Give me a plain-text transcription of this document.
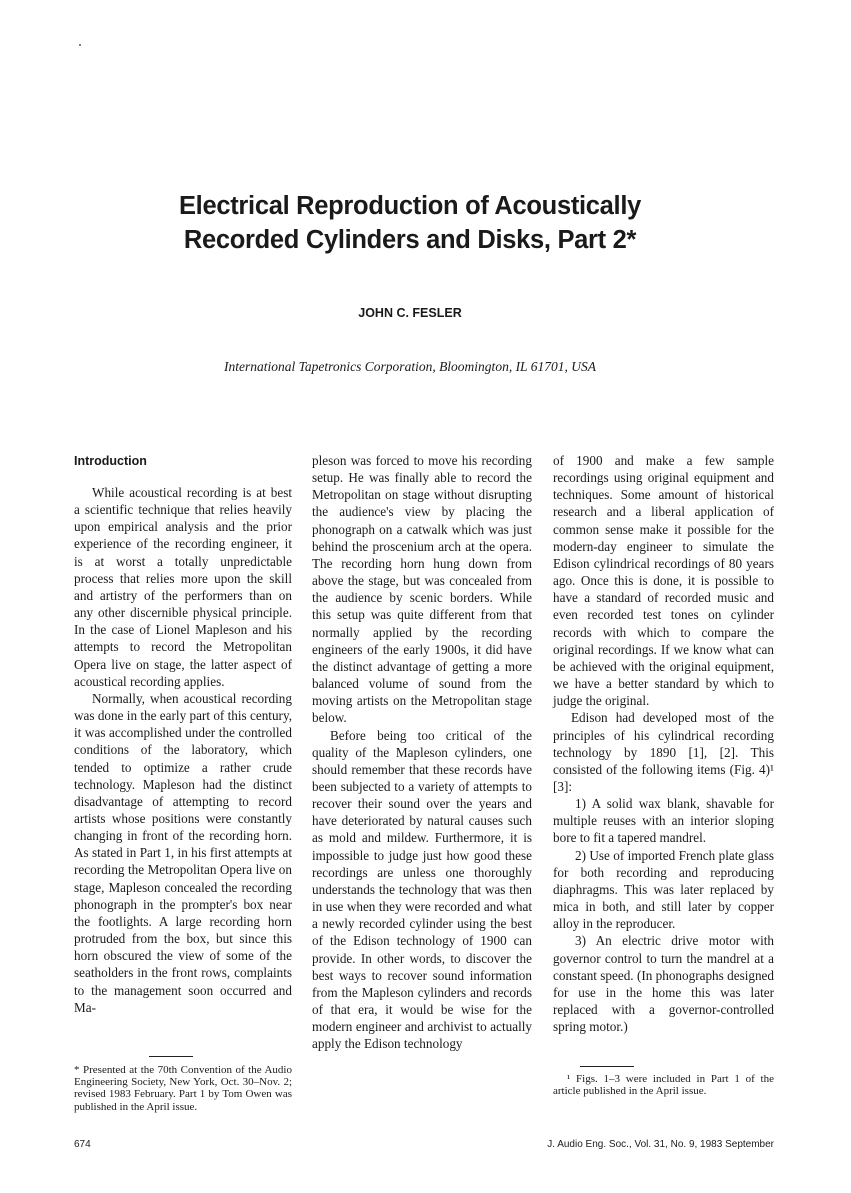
Electrical Reproduction of Acoustically Recorded Cylinders and Disks, Part 2*
JOHN C. FESLER
International Tapetronics Corporation, Bloomington, IL 61701, USA
Introduction

While acoustical recording is at best a scientific technique that relies heavily upon empirical analysis and the prior experience of the recording engineer, it is at worst a totally unpredictable process that relies more upon the skill and artistry of the performers than on any other discernible physical principle. In the case of Lionel Mapleson and his attempts to record the Metropolitan Opera live on stage, the latter aspect of acoustical recording applies.

Normally, when acoustical recording was done in the early part of this century, it was accomplished under the controlled conditions of the laboratory, which tended to optimize a rather crude technology. Mapleson had the distinct disadvantage of attempting to record artists whose positions were constantly changing in front of the recording horn. As stated in Part 1, in his first attempts at recording the Metropolitan Opera live on stage, Mapleson concealed the recording phonograph in the prompter's box near the footlights. A large recording horn protruded from the box, but since this horn obscured the view of some of the seatholders in the front rows, complaints to the management soon occurred and Ma-

pleson was forced to move his recording setup. He was finally able to record the Metropolitan on stage without disrupting the audience's view by placing the phonograph on a catwalk which was just behind the proscenium arch at the opera. The recording horn hung down from above the stage, but was concealed from the audience by scenic borders. While this setup was quite different from that normally applied by the recording engineers of the early 1900s, it did have the distinct advantage of getting a more balanced volume of sound from the moving artists on the Metropolitan stage below.

Before being too critical of the quality of the Mapleson cylinders, one should remember that these records have been subjected to a variety of attempts to recover their sound over the years and have deteriorated by natural causes such as mold and mildew. Furthermore, it is impossible to judge just how good these recordings are unless one thoroughly understands the technology that was then in use when they were recorded and what a newly recorded cylinder using the best of the Edison technology of 1900 can provide. In other words, to discover the best ways to recover sound information from the Mapleson cylinders and records of that era, it would be wise for the modern engineer and archivist to actually apply the Edison technology

of 1900 and make a few sample recordings using original equipment and techniques. Some amount of historical research and a liberal application of common sense make it possible for the modern-day engineer to simulate the Edison cylindrical recordings of 80 years ago. Once this is done, it is possible to have a standard of recorded music and even recorded test tones on cylinder records with which to compare the original recordings. If we know what can be achieved with the original equipment, we have a better standard by which to judge the original.

Edison had developed most of the principles of his cylindrical recording technology by 1890 [1], [2]. This consisted of the following items (Fig. 4)¹ [3]:

1) A solid wax blank, shavable for multiple reuses with an interior sloping bore to fit a tapered mandrel.

2) Use of imported French plate glass for both recording and reproducing diaphragms. This was later replaced by mica in both, and still later by copper alloy in the reproducer.

3) An electric drive motor with governor control to turn the mandrel at a constant speed. (In phonographs designed for use in the home this was later replaced with a governor-controlled spring motor.)

* Presented at the 70th Convention of the Audio Engineering Society, New York, Oct. 30–Nov. 2; revised 1983 February. Part 1 by Tom Owen was published in the April issue.
¹ Figs. 1–3 were included in Part 1 of the article published in the April issue.
674	J. Audio Eng. Soc., Vol. 31, No. 9, 1983 September
